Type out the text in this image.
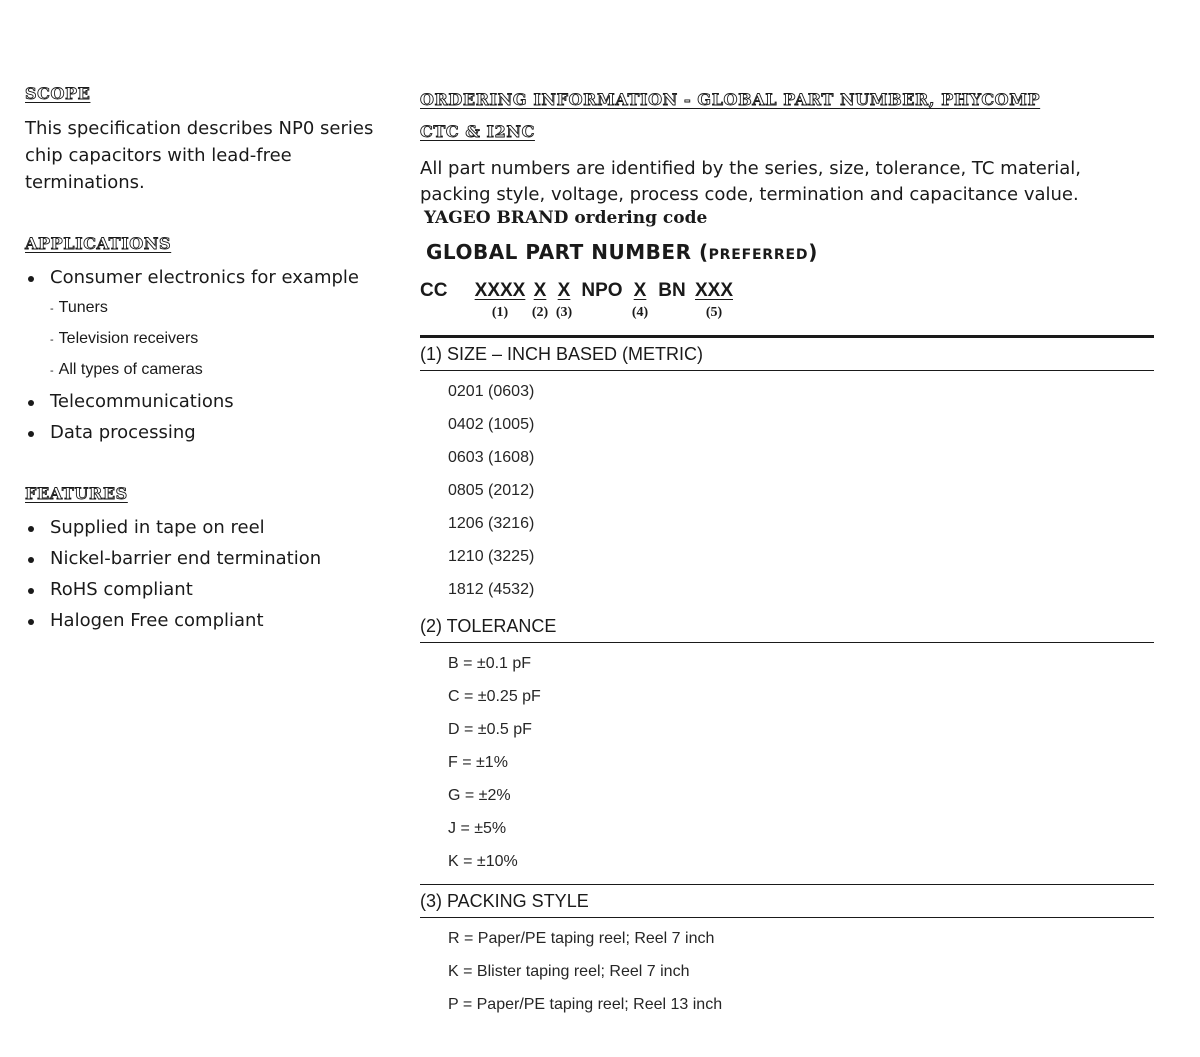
SCOPE

This specification describes NP0 series chip capacitors with lead-free terminations.

APPLICATIONS
Consumer electronics for example
- Tuners
- Television receivers
- All types of cameras
Telecommunications
Data processing
FEATURES
Supplied in tape on reel
Nickel-barrier end termination
RoHS compliant
Halogen Free compliant
ORDERING INFORMATION - GLOBAL PART NUMBER, PHYCOMP
CTC & I2NC

All part numbers are identified by the series, size, tolerance, TC material, packing style, voltage, process code, termination and capacitance value.

YAGEO BRAND ordering code
GLOBAL PART NUMBER (PREFERRED)
CC	XXXX X X NPO X BN XXX
(1)	(2) (3)	(4)	(5)
(1) SIZE – INCH BASED (METRIC)
0201 (0603)
0402 (1005)
0603 (1608)
0805 (2012)
1206 (3216)
1210 (3225)
1812 (4532)
(2) TOLERANCE
B = ±0.1 pF
C = ±0.25 pF
D = ±0.5 pF
F = ±1%
G = ±2%
J = ±5%
K = ±10%
(3) PACKING STYLE
R = Paper/PE taping reel; Reel 7 inch
K = Blister taping reel; Reel 7 inch
P = Paper/PE taping reel; Reel 13 inch
